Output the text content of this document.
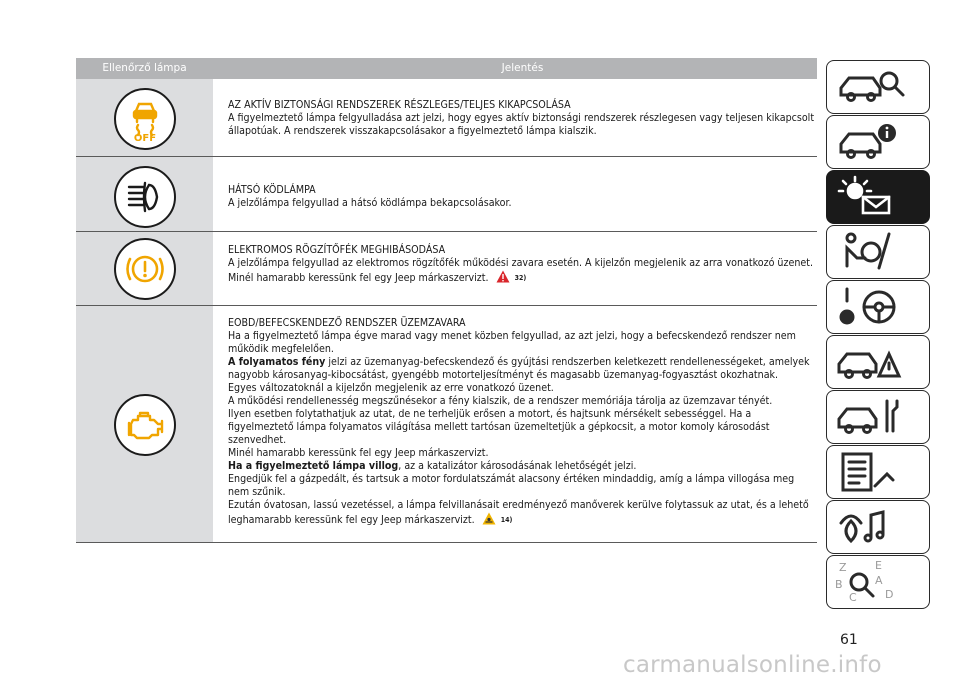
Ellenőrző lámpa	Jelentés
OFF

AZ AKTÍV BIZTONSÁGI RENDSZEREK RÉSZLEGES/TELJES KIKAPCSOLÁSA

A figyelmeztető lámpa felgyulladása azt jelzi, hogy egyes aktív biztonsági rendszerek részlegesen vagy teljesen kikapcsolt állapotúak. A rendszerek visszakapcsolásakor a figyelmeztető lámpa kialszik.

HÁTSÓ KÖDLÁMPA

A jelzőlámpa felgyullad a hátsó ködlámpa bekapcsolásakor.

ELEKTROMOS RÖGZÍTŐFÉK MEGHIBÁSODÁSA

A jelzőlámpa felgyullad az elektromos rögzítőfék működési zavara esetén. A kijelzőn megjelenik az arra vonatkozó üzenet. Minél hamarabb keressünk fel egy Jeep márkaszervizt.	32)

EOBD/BEFECSKENDEZŐ RENDSZER ÜZEMZAVARA

Ha a figyelmeztető lámpa égve marad vagy menet közben felgyullad, az azt jelzi, hogy a befecskendező rendszer nem működik megfelelően.

A folyamatos fény jelzi az üzemanyag-befecskendező és gyújtási rendszerben keletkezett rendellenességeket, amelyek nagyobb károsanyag-kibocsátást, gyengébb motorteljesítményt és magasabb üzemanyag-fogyasztást okozhatnak.

Egyes változatoknál a kijelzőn megjelenik az erre vonatkozó üzenet.

A működési rendellenesség megszűnésekor a fény kialszik, de a rendszer memóriája tárolja az üzemzavar tényét.

Ilyen esetben folytathatjuk az utat, de ne terheljük erősen a motort, és hajtsunk mérsékelt sebességgel. Ha a figyelmeztető lámpa folyamatos világítása mellett tartósan üzemeltetjük a gépkocsit, a motor komoly károsodást szenvedhet.

Minél hamarabb keressünk fel egy Jeep márkaszervizt.

Ha a figyelmeztető lámpa villog, az a katalizátor károsodásának lehetőségét jelzi.

Engedjük fel a gázpedált, és tartsuk a motor fordulatszámát alacsony értéken mindaddig, amíg a lámpa villogása meg nem szűnik.

Ezután óvatosan, lassú vezetéssel, a lámpa felvillanásait eredményező manőverek kerülve folytassuk az utat, és a lehető leghamarabb keressünk fel egy Jeep márkaszervizt.	14)

Z	E
B	A
C	D
61
carmanualsonline.info
